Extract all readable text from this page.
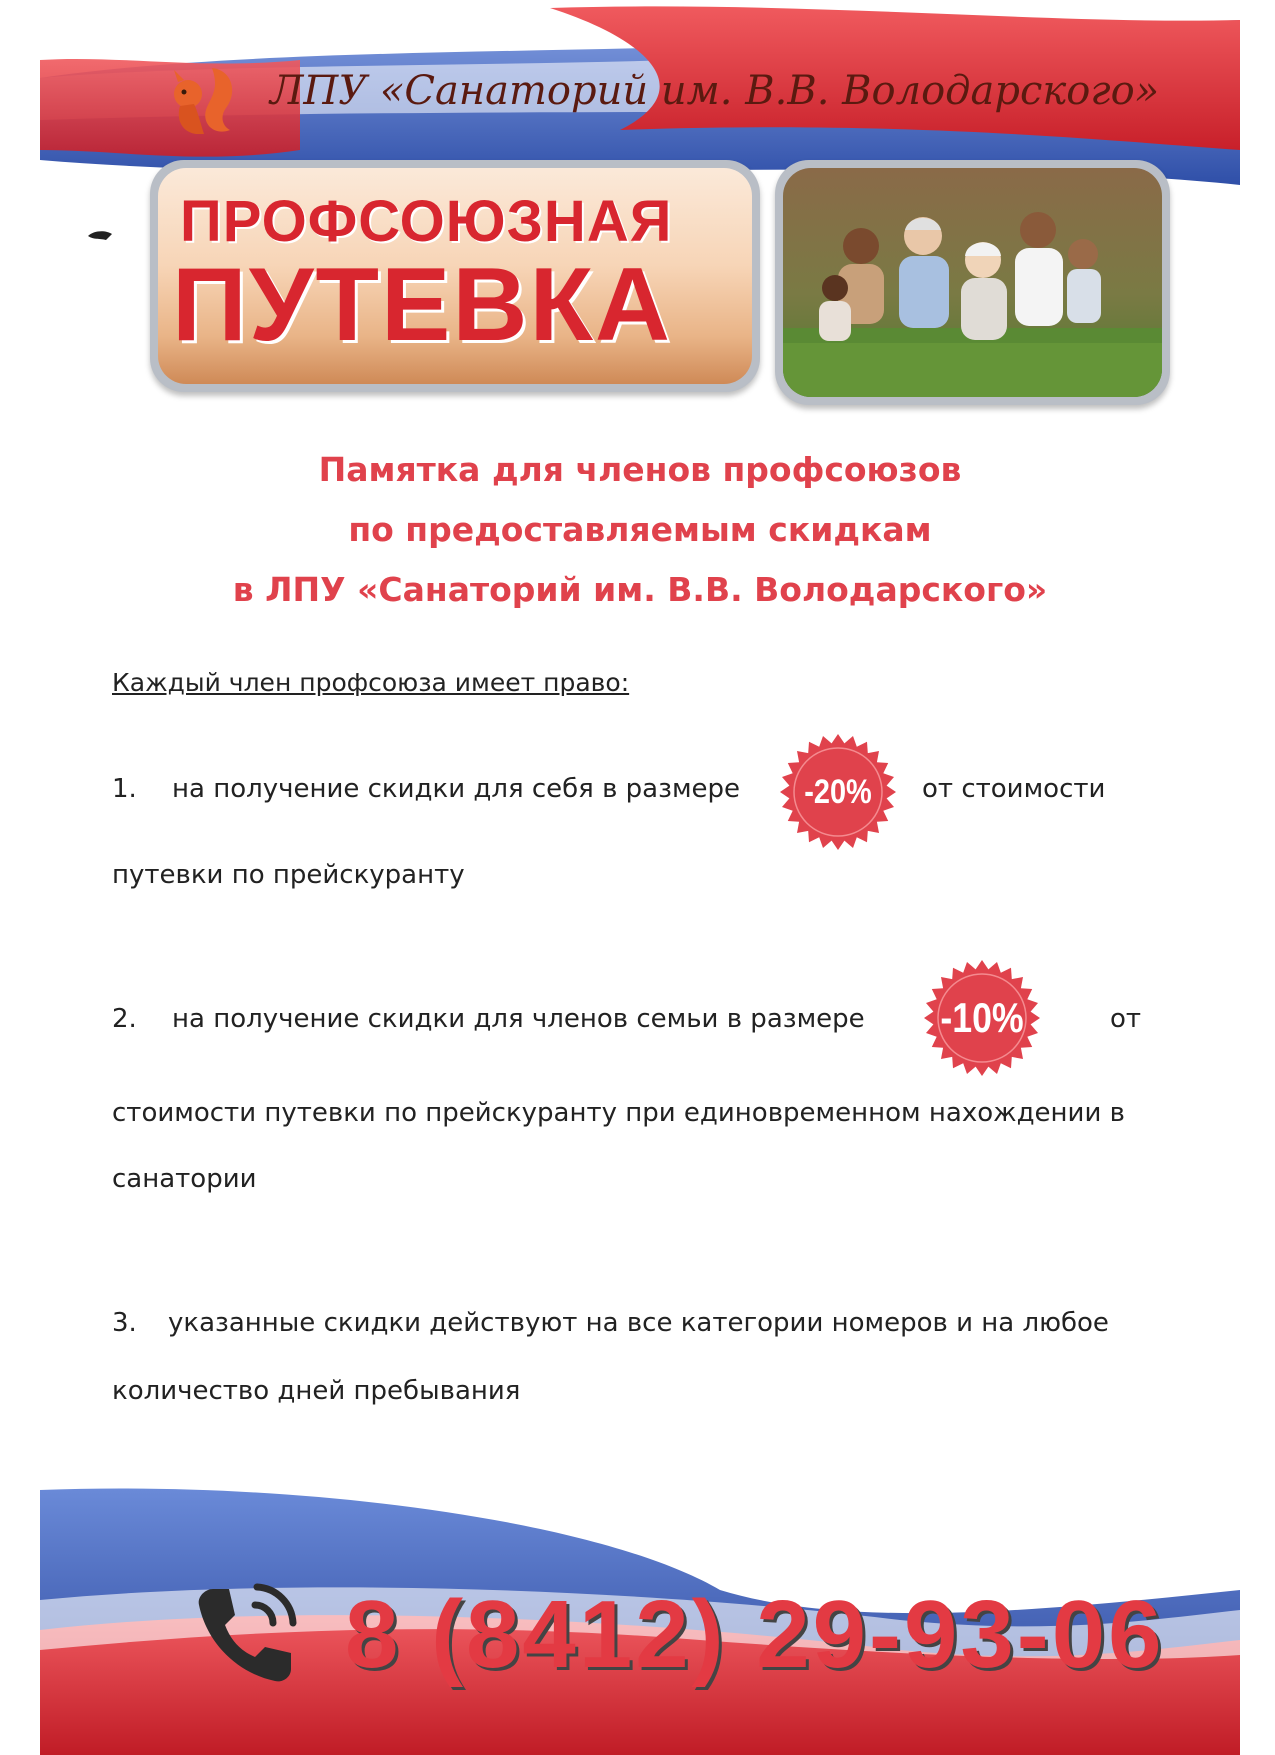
ЛПУ «Санаторий им. В.В. Володарского»
ПРОФСОЮЗНАЯ
ПУТЕВКА
Памятка для членов профсоюзов
по предоставляемым скидкам
в ЛПУ «Санаторий им. В.В. Володарского»
Каждый член профсоюза имеет право:
1. на получение скидки для себя в размере	-20%	от стоимости
путевки по прейскуранту
2. на получение скидки для членов семьи в размере -10%	от
стоимости путевки по прейскуранту при единовременном нахождении в
санатории
3. указанные скидки действуют на все категории номеров и на любое
количество дней пребывания
8 (8412) 29-93-06
